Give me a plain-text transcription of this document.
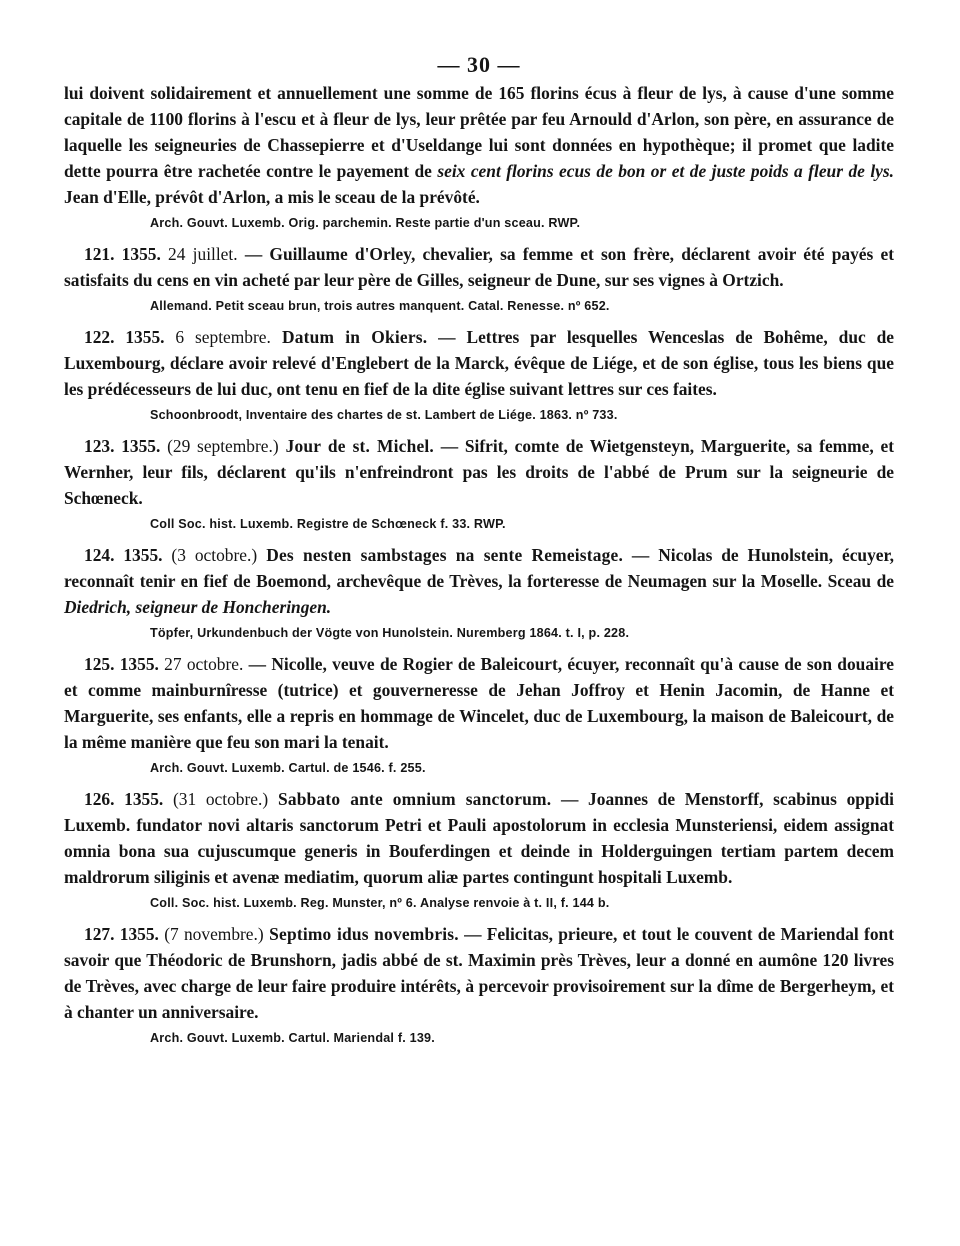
— 30 —

lui doivent solidairement et annuellement une somme de 165 florins écus à fleur de lys, à cause d'une somme capitale de 1100 florins à l'escu et à fleur de lys, leur prêtée par feu Arnould d'Arlon, son père, en assurance de laquelle les seigneuries de Chassepierre et d'Useldange lui sont données en hypothèque; il promet que ladite dette pourra être rachetée contre le payement de seix cent florins ecus de bon or et de juste poids a fleur de lys. Jean d'Elle, prévôt d'Arlon, a mis le sceau de la prévôté.

Arch. Gouvt. Luxemb. Orig. parchemin. Reste partie d'un sceau. RWP.

121. 1355. 24 juillet. — Guillaume d'Orley, chevalier, sa femme et son frère, déclarent avoir été payés et satisfaits du cens en vin acheté par leur père de Gilles, seigneur de Dune, sur ses vignes à Ortzich.

Allemand. Petit sceau brun, trois autres manquent. Catal. Renesse. nº 652.

122. 1355. 6 septembre. Datum in Okiers. — Lettres par lesquelles Wenceslas de Bohême, duc de Luxembourg, déclare avoir relevé d'Englebert de la Marck, évêque de Liége, et de son église, tous les biens que les prédécesseurs de lui duc, ont tenu en fief de la dite église suivant lettres sur ces faites.

Schoonbroodt, Inventaire des chartes de st. Lambert de Liége. 1863. nº 733.

123. 1355. (29 septembre.) Jour de st. Michel. — Sifrit, comte de Wietgensteyn, Marguerite, sa femme, et Wernher, leur fils, déclarent qu'ils n'enfreindront pas les droits de l'abbé de Prum sur la seigneurie de Schœneck.

Coll Soc. hist. Luxemb. Registre de Schœneck f. 33. RWP.

124. 1355. (3 octobre.) Des nesten sambstages na sente Remeistage. — Nicolas de Hunolstein, écuyer, reconnaît tenir en fief de Boemond, archevêque de Trèves, la forteresse de Neumagen sur la Moselle. Sceau de Diedrich, seigneur de Honcheringen.

Töpfer, Urkundenbuch der Vögte von Hunolstein. Nuremberg 1864. t. I, p. 228.

125. 1355. 27 octobre. — Nicolle, veuve de Rogier de Baleicourt, écuyer, reconnaît qu'à cause de son douaire et comme mainburnîresse (tutrice) et gouverneresse de Jehan Joffroy et Henin Jacomin, de Hanne et Marguerite, ses enfants, elle a repris en hommage de Wincelet, duc de Luxembourg, la maison de Baleicourt, de la même manière que feu son mari la tenait.

Arch. Gouvt. Luxemb. Cartul. de 1546. f. 255.

126. 1355. (31 octobre.) Sabbato ante omnium sanctorum. — Joannes de Menstorff, scabinus oppidi Luxemb. fundator novi altaris sanctorum Petri et Pauli apostolorum in ecclesia Munsteriensi, eidem assignat omnia bona sua cujuscumque generis in Bouferdingen et deinde in Holderguingen tertiam partem decem maldrorum siliginis et avenæ mediatim, quorum aliæ partes contingunt hospitali Luxemb.

Coll. Soc. hist. Luxemb. Reg. Munster, nº 6. Analyse renvoie à t. II, f. 144 b.

127. 1355. (7 novembre.) Septimo idus novembris. — Felicitas, prieure, et tout le couvent de Mariendal font savoir que Théodoric de Brunshorn, jadis abbé de st. Maximin près Trèves, leur a donné en aumône 120 livres de Trèves, avec charge de leur faire produire intérêts, à percevoir provisoirement sur la dîme de Bergerheym, et à chanter un anniversaire.

Arch. Gouvt. Luxemb. Cartul. Mariendal f. 139.
